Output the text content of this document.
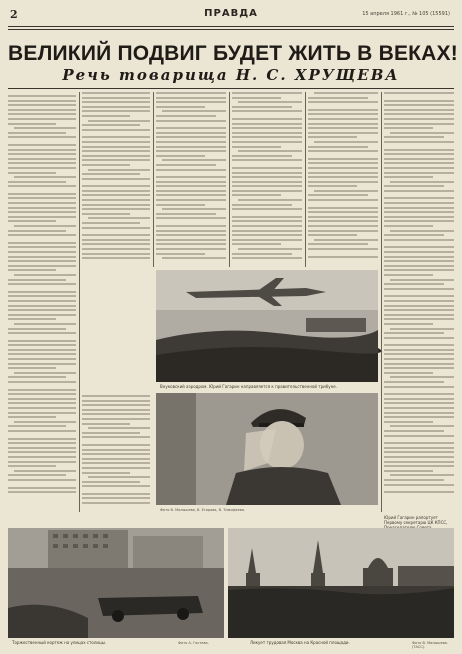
2	ПРАВДА	15 апреля 1961 г., № 105 (15591)
ВЕЛИКИЙ ПОДВИГ БУДЕТ ЖИТЬ В ВЕКАХ!
Речь товарища Н. С. ХРУЩЕВА
Внуковский аэродром. Юрий Гагарин направляется к правительственной трибуне.
Юрий Гагарин рапортует Первому секретарю ЦК КПСС,
Фото В. Малышева, В. Егорова, В. Тимофеева.
Торжественный кортеж на улицах столицы.	Фото А. Гостева.	Ликует трудовая Москва на Красной площади.	Фото В. Малышева. (ТАСС).
